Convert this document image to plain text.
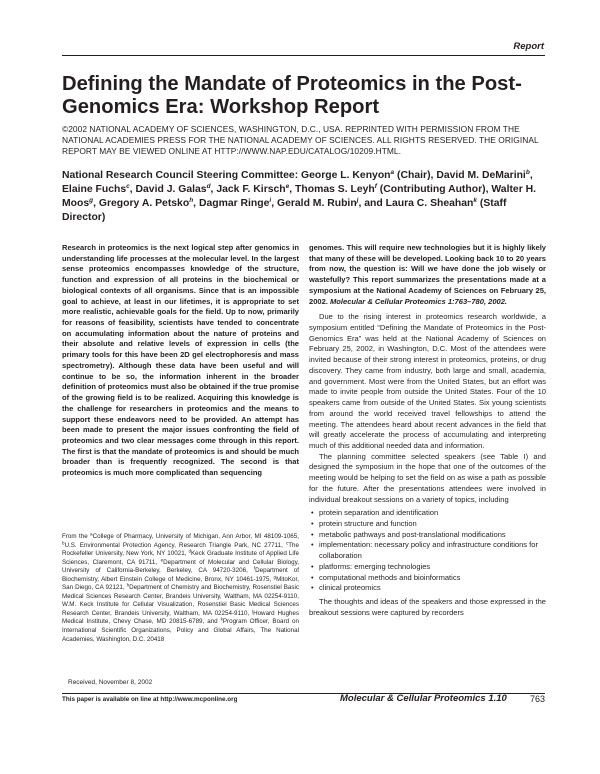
Report
Defining the Mandate of Proteomics in the Post-Genomics Era: Workshop Report
©2002 NATIONAL ACADEMY OF SCIENCES, WASHINGTON, D.C., USA. REPRINTED WITH PERMISSION FROM THE NATIONAL ACADEMIES PRESS FOR THE NATIONAL ACADEMY OF SCIENCES. ALL RIGHTS RESERVED. THE ORIGINAL REPORT MAY BE VIEWED ONLINE AT HTTP://WWW.NAP.EDU/CATALOG/10209.HTML.
National Research Council Steering Committee: George L. Kenyon$^a$ (Chair), David M. DeMarini$^b$, Elaine Fuchs$^c$, David J. Galas$^d$, Jack F. Kirsch$^e$, Thomas S. Leyh$^f$ (Contributing Author), Walter H. Moos$^g$, Gregory A. Petsko$^h$, Dagmar Ringe$^i$, Gerald M. Rubin$^j$, and Laura C. Sheahan$^k$ (Staff Director)

Research in proteomics is the next logical step after genomics in understanding life processes at the molecular level. In the largest sense proteomics encompasses knowledge of the structure, function and expression of all proteins in the biochemical or biological contexts of all organisms. Since that is an impossible goal to achieve, at least in our lifetimes, it is appropriate to set more realistic, achievable goals for the field. Up to now, primarily for reasons of feasibility, scientists have tended to concentrate on accumulating information about the nature of proteins and their absolute and relative levels of expression in cells (the primary tools for this have been 2D gel electrophoresis and mass spectrometry). Although these data have been useful and will continue to be so, the information inherent in the broader definition of proteomics must also be obtained if the true promise of the growing field is to be realized. Acquiring this knowledge is the challenge for researchers in proteomics and the means to support these endeavors need to be provided. An attempt has been made to present the major issues confronting the field of proteomics and two clear messages come through in this report. The first is that the mandate of proteomics is and should be much broader than is frequently recognized. The second is that proteomics is much more complicated than sequencing

genomes. This will require new technologies but it is highly likely that many of these will be developed. Looking back 10 to 20 years from now, the question is: Will we have done the job wisely or wastefully? This report summarizes the presentations made at a symposium at the National Academy of Sciences on February 25, 2002. Molecular & Cellular Proteomics 1:763–780, 2002.

Due to the rising interest in proteomics research worldwide, a symposium entitled “Defining the Mandate of Proteomics in the Post-Genomics Era” was held at the National Academy of Sciences on February 25, 2002, in Washington, D.C. Most of the attendees were invited because of their strong interest in proteomics, proteins, or drug discovery. They came from industry, both large and small, academia, and government. Most were from the United States, but an effort was made to invite people from outside the United States. Four of the 10 speakers came from outside of the United States. Six young scientists from around the world received travel fellowships to attend the meeting. The attendees heard about recent advances in the field that will greatly accelerate the process of accumulating and interpreting much of this additional needed data and information.

The planning committee selected speakers (see Table I) and designed the symposium in the hope that one of the outcomes of the meeting would be helping to set the field on as wise a path as possible for the future. After the presentations attendees were involved in individual breakout sessions on a variety of topics, including

• protein separation and identification
• protein structure and function
• metabolic pathways and post-translational modifications
• implementation: necessary policy and infrastructure conditions for collaboration
• platforms: emerging technologies
• computational methods and bioinformatics
• clinical proteomics

The thoughts and ideas of the speakers and those expressed in the breakout sessions were captured by recorders

From the $^a$College of Pharmacy, University of Michigan, Ann Arbor, MI 48109-1065, $^b$U.S. Environmental Protection Agency, Research Triangle Park, NC 27711, $^c$The Rockefeller University, New York, NY 10021, $^d$Keck Graduate Institute of Applied Life Sciences, Claremont, CA 91711, $^e$Department of Molecular and Cellular Biology, University of California-Berkeley, Berkeley, CA 94720-3206, $^f$Department of Biochemistry, Albert Einstein College of Medicine, Bronx, NY 10461-1975, $^g$MitoKor, San Diego, CA 92121, $^h$Department of Chemistry and Biochemistry, Rosenstiel Basic Medical Sciences Research Center, Brandeis University, Waltham, MA 02254-9110, W.M. Keck Institute for Cellular Visualization, Rosenstiel Basic Medical Sciences Research Center, Brandeis University, Waltham, MA 02254-9110, $^j$Howard Hughes Medical Institute, Chevy Chase, MD 20815-6789, and $^k$Program Officer, Board on International Scientific Organizations, Policy and Global Affairs, The National Academies, Washington, D.C. 20418
Received, November 8, 2002
This paper is available on line at http://www.mcponline.org	Molecular & Cellular Proteomics 1.10	763
